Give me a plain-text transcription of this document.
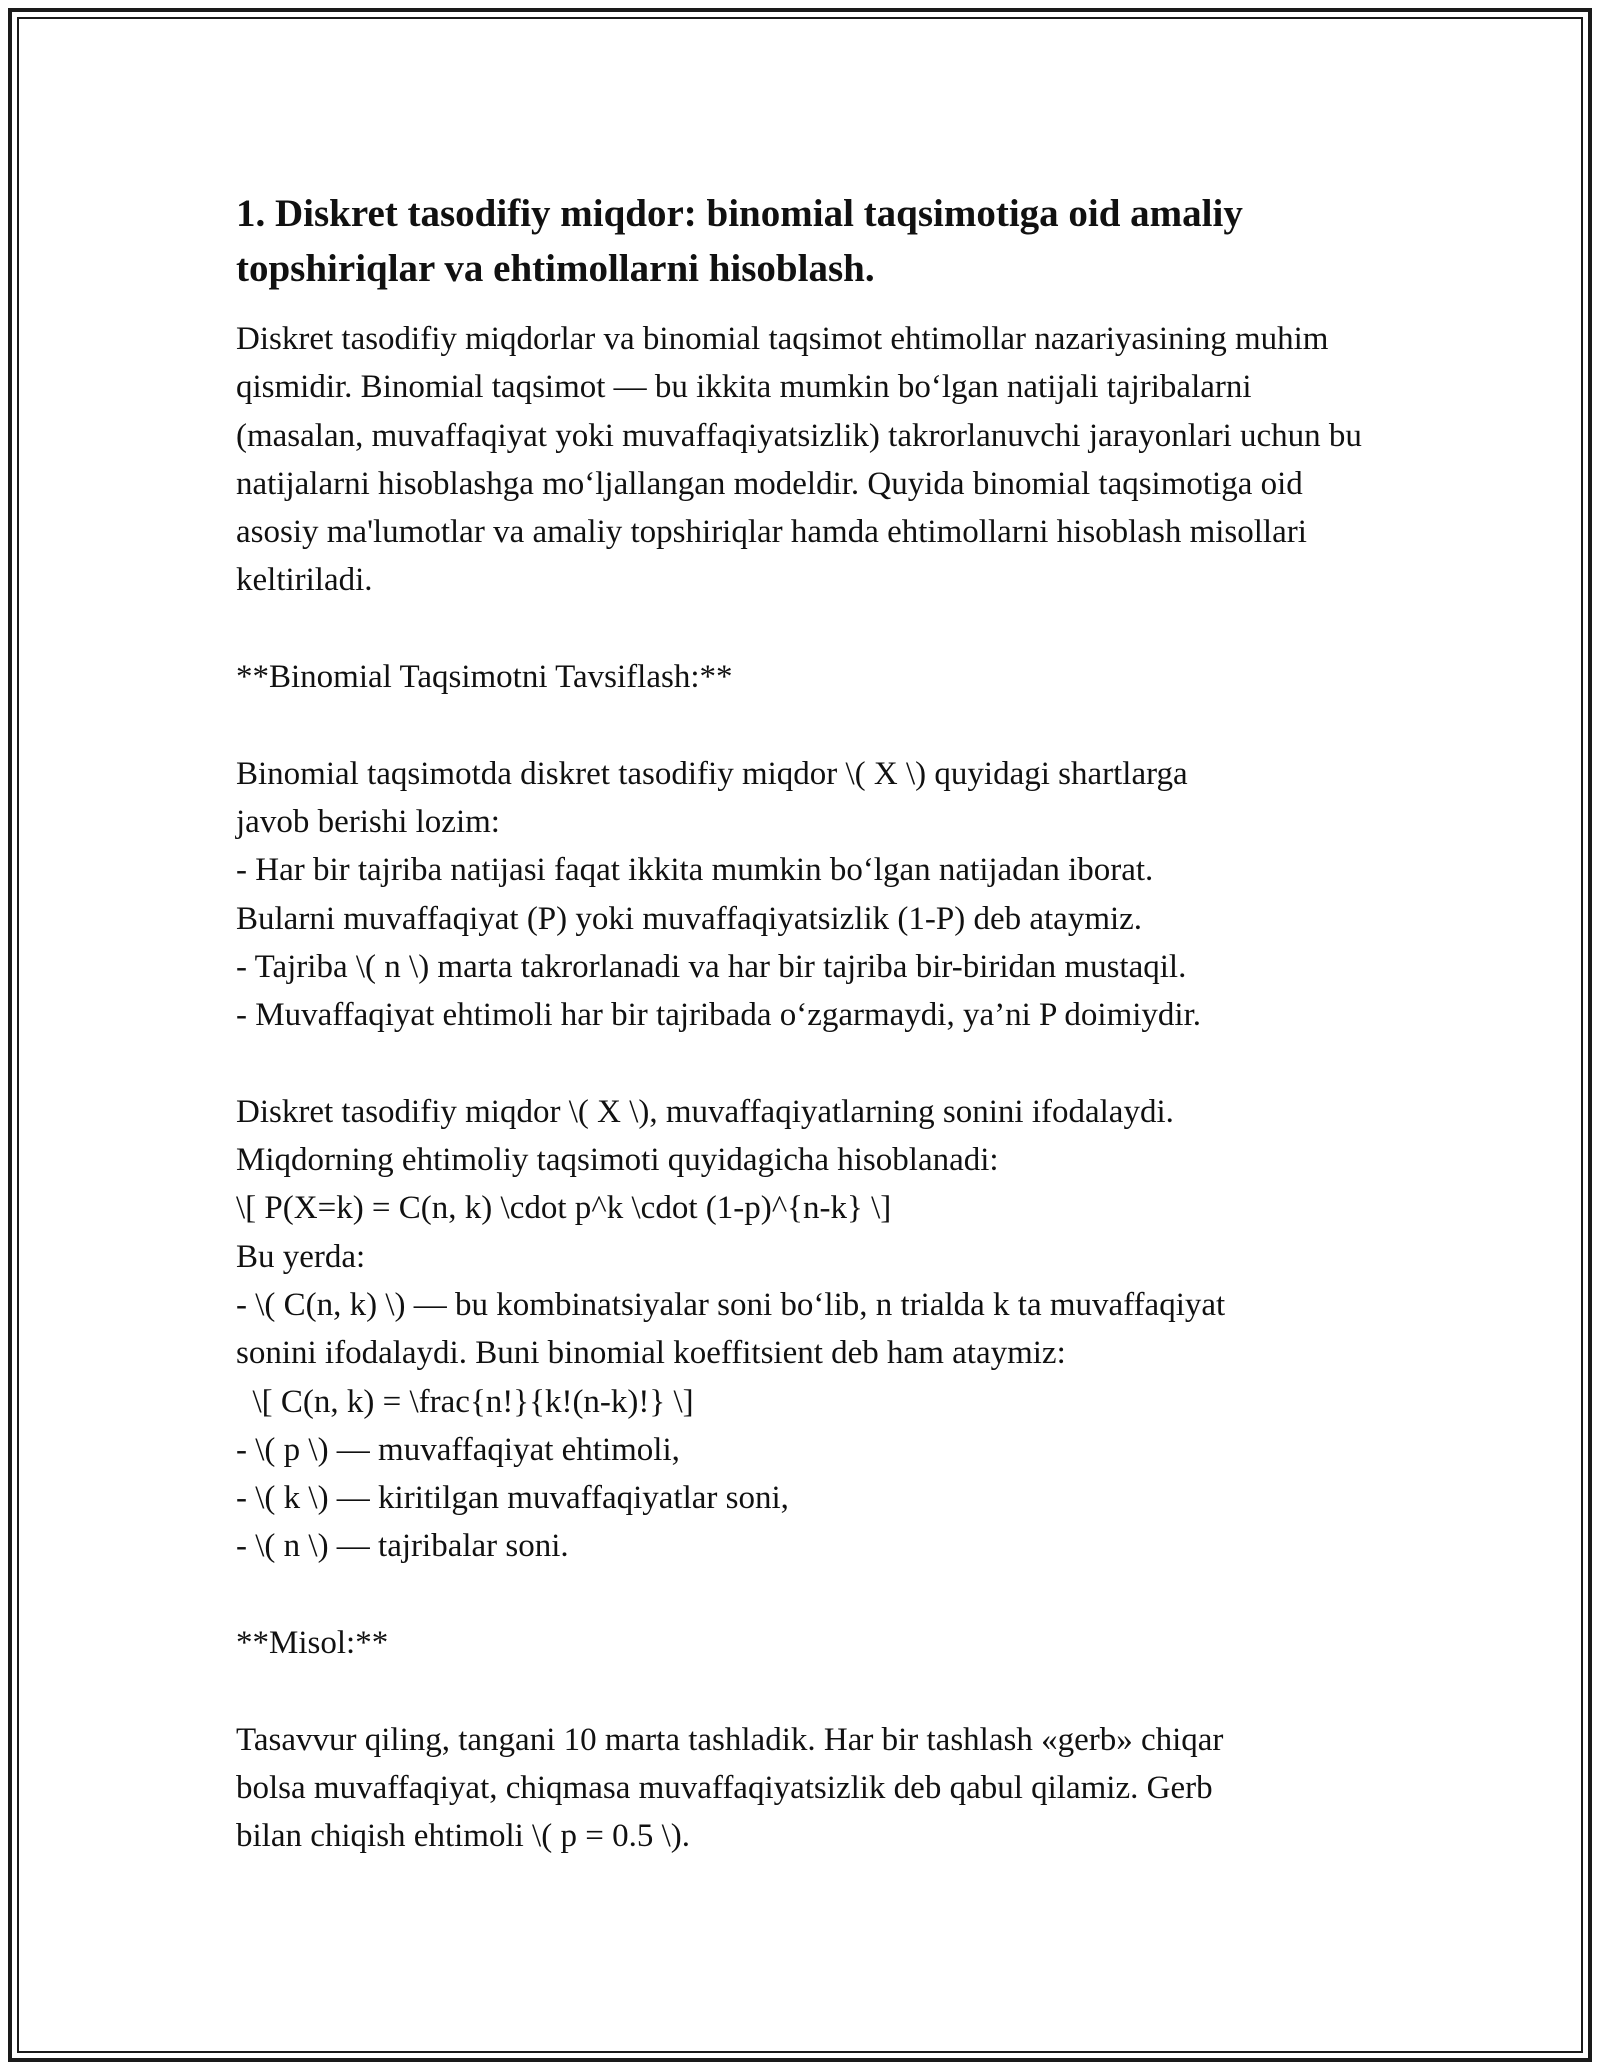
1. Diskret tasodifiy miqdor: binomial taqsimotiga oid amaliy topshiriqlar va ehtimollarni hisoblash.

Diskret tasodifiy miqdorlar va binomial taqsimot ehtimollar nazariyasining muhim qismidir. Binomial taqsimot — bu ikkita mumkin bo‘lgan natijali tajribalarni (masalan, muvaffaqiyat yoki muvaffaqiyatsizlik) takrorlanuvchi jarayonlari uchun bu natijalarni hisoblashga mo‘ljallangan modeldir. Quyida binomial taqsimotiga oid asosiy ma'lumotlar va amaliy topshiriqlar hamda ehtimollarni hisoblash misollari keltiriladi.

**Binomial Taqsimotni Tavsiflash:**

Binomial taqsimotda diskret tasodifiy miqdor \( X \) quyidagi shartlarga
javob berishi lozim:
- Har bir tajriba natijasi faqat ikkita mumkin bo‘lgan natijadan iborat.
Bularni muvaffaqiyat (P) yoki muvaffaqiyatsizlik (1-P) deb ataymiz.
- Tajriba \( n \) marta takrorlanadi va har bir tajriba bir-biridan mustaqil.
- Muvaffaqiyat ehtimoli har bir tajribada o‘zgarmaydi, ya’ni P doimiydir.
Diskret tasodifiy miqdor \( X \), muvaffaqiyatlarning sonini ifodalaydi.
Miqdorning ehtimoliy taqsimoti quyidagicha hisoblanadi:
\[ P(X=k) = C(n, k) \cdot p^k \cdot (1-p)^{n-k} \]
Bu yerda:
- \( C(n, k) \) — bu kombinatsiyalar soni bo‘lib, n trialda k ta muvaffaqiyat
sonini ifodalaydi. Buni binomial koeffitsient deb ham ataymiz:
\[ C(n, k) = \frac{n!}{k!(n-k)!} \]
- \( p \) — muvaffaqiyat ehtimoli,
- \( k \) — kiritilgan muvaffaqiyatlar soni,
- \( n \) — tajribalar soni.

**Misol:**

Tasavvur qiling, tangani 10 marta tashladik. Har bir tashlash «gerb» chiqar
bolsa muvaffaqiyat, chiqmasa muvaffaqiyatsizlik deb qabul qilamiz. Gerb
bilan chiqish ehtimoli \( p = 0.5 \).
